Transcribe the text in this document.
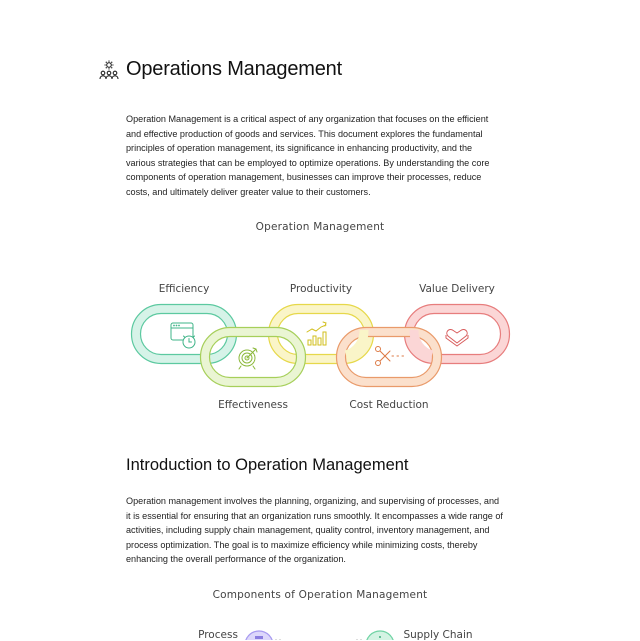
Operations Management

Operation Management is a critical aspect of any organization that focuses on the efficient
and effective production of goods and services. This document explores the fundamental
principles of operation management, its significance in enhancing productivity, and the
various strategies that can be employed to optimize operations. By understanding the core
components of operation management, businesses can improve their processes, reduce
costs, and ultimately deliver greater value to their customers.

Operation Management
Efficiency	Productivity	Value Delivery
Effectiveness	Cost Reduction
Introduction to Operation Management

Operation management involves the planning, organizing, and supervising of processes, and
it is essential for ensuring that an organization runs smoothly. It encompasses a wide range of
activities, including supply chain management, quality control, inventory management, and
process optimization. The goal is to maximize efficiency while minimizing costs, thereby
enhancing the overall performance of the organization.

Components of Operation Management
Process	Supply Chain
